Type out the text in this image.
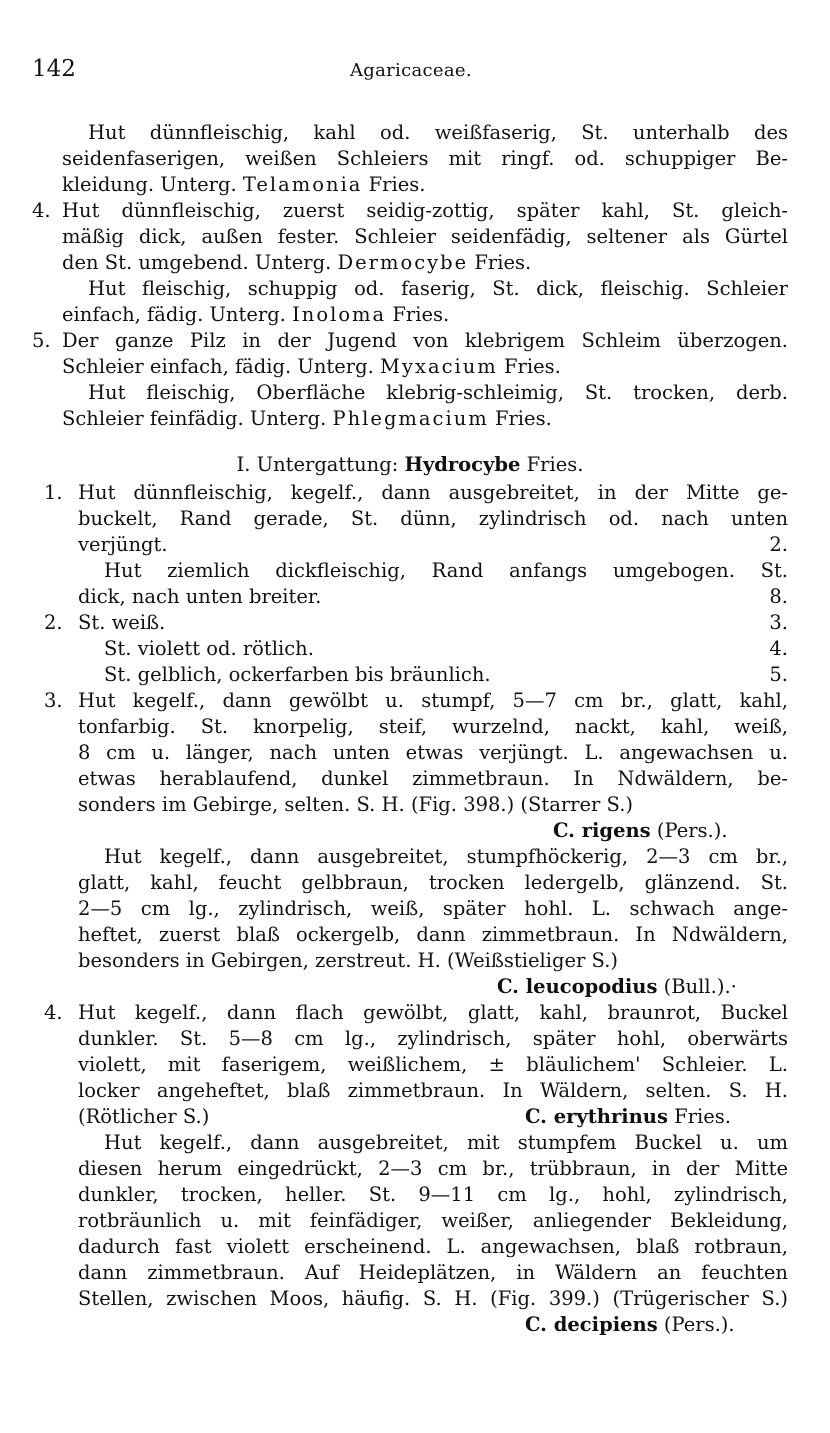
142	Agaricaceae.
Hut dünnfleischig, kahl od. weißfaserig, St. unterhalb des
seidenfaserigen, weißen Schleiers mit ringf. od. schuppiger Be-
kleidung. Unterg. Telamonia Fries.
4. Hut dünnfleischig, zuerst seidig-zottig, später kahl, St. gleich-
mäßig dick, außen fester. Schleier seidenfädig, seltener als Gürtel
den St. umgebend. Unterg. Dermocybe Fries.
Hut fleischig, schuppig od. faserig, St. dick, fleischig. Schleier
einfach, fädig. Unterg. Inoloma Fries.
5. Der ganze Pilz in der Jugend von klebrigem Schleim überzogen.
Schleier einfach, fädig. Unterg. Myxacium Fries.
Hut fleischig, Oberfläche klebrig-schleimig, St. trocken, derb.
Schleier feinfädig. Unterg. Phlegmacium Fries.
I. Untergattung: Hydrocybe Fries.
1. Hut dünnfleischig, kegelf., dann ausgebreitet, in der Mitte ge-
buckelt, Rand gerade, St. dünn, zylindrisch od. nach unten
verjüngt.	2.
Hut ziemlich dickfleischig, Rand anfangs umgebogen. St.
dick, nach unten breiter.	8.
2. St. weiß.	3.
St. violett od. rötlich.	4.
St. gelblich, ockerfarben bis bräunlich.	5.
3. Hut kegelf., dann gewölbt u. stumpf, 5—7 cm br., glatt, kahl,
tonfarbig. St. knorpelig, steif, wurzelnd, nackt, kahl, weiß,
8 cm u. länger, nach unten etwas verjüngt. L. angewachsen u.
etwas herablaufend, dunkel zimmetbraun. In Ndwäldern, be-
sonders im Gebirge, selten. S. H. (Fig. 398.) (Starrer S.)
C. rigens (Pers.).
Hut kegelf., dann ausgebreitet, stumpfhöckerig, 2—3 cm br.,
glatt, kahl, feucht gelbbraun, trocken ledergelb, glänzend. St.
2—5 cm lg., zylindrisch, weiß, später hohl. L. schwach ange-
heftet, zuerst blaß ockergelb, dann zimmetbraun. In Ndwäldern,
besonders in Gebirgen, zerstreut. H. (Weißstieliger S.)
C. leucopodius (Bull.).·
4. Hut kegelf., dann flach gewölbt, glatt, kahl, braunrot, Buckel
dunkler. St. 5—8 cm lg., zylindrisch, später hohl, oberwärts
violett, mit faserigem, weißlichem, ± bläulichem' Schleier. L.
locker angeheftet, blaß zimmetbraun. In Wäldern, selten. S. H.
(Rötlicher S.)	C. erythrinus Fries.
Hut kegelf., dann ausgebreitet, mit stumpfem Buckel u. um
diesen herum eingedrückt, 2—3 cm br., trübbraun, in der Mitte
dunkler, trocken, heller. St. 9—11 cm lg., hohl, zylindrisch,
rotbräunlich u. mit feinfädiger, weißer, anliegender Bekleidung,
dadurch fast violett erscheinend. L. angewachsen, blaß rotbraun,
dann zimmetbraun. Auf Heideplätzen, in Wäldern an feuchten
Stellen, zwischen Moos, häufig. S. H. (Fig. 399.) (Trügerischer S.)
C. decipiens (Pers.).
